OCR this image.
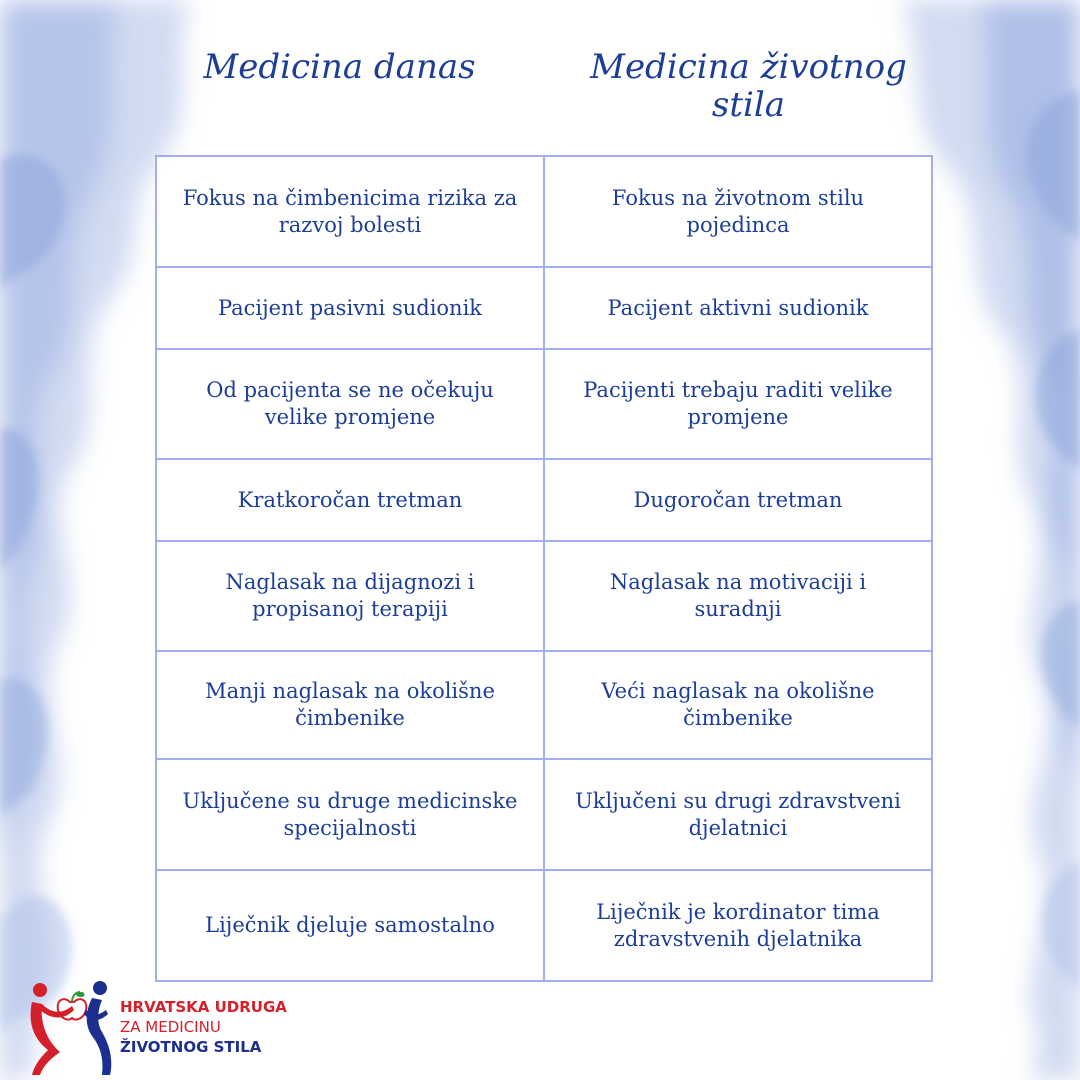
Medicina danas	Medicina životnog stila
Fokus na čimbenicima rizika za razvoj bolesti	Fokus na životnom stilu pojedinca
Pacijent pasivni sudionik	Pacijent aktivni sudionik
Od pacijenta se ne očekuju velike promjene	Pacijenti trebaju raditi velike promjene
Kratkoročan tretman	Dugoročan tretman
Naglasak na dijagnozi i propisanoj terapiji	Naglasak na motivaciji i suradnji
Manji naglasak na okolišne čimbenike	Veći naglasak na okolišne čimbenike
Uključene su druge medicinske specijalnosti	Uključeni su drugi zdravstveni djelatnici
Liječnik djeluje samostalno	Liječnik je kordinator tima zdravstvenih djelatnika
HRVATSKA UDRUGA
ZA MEDICINU
ŽIVOTNOG STILA
